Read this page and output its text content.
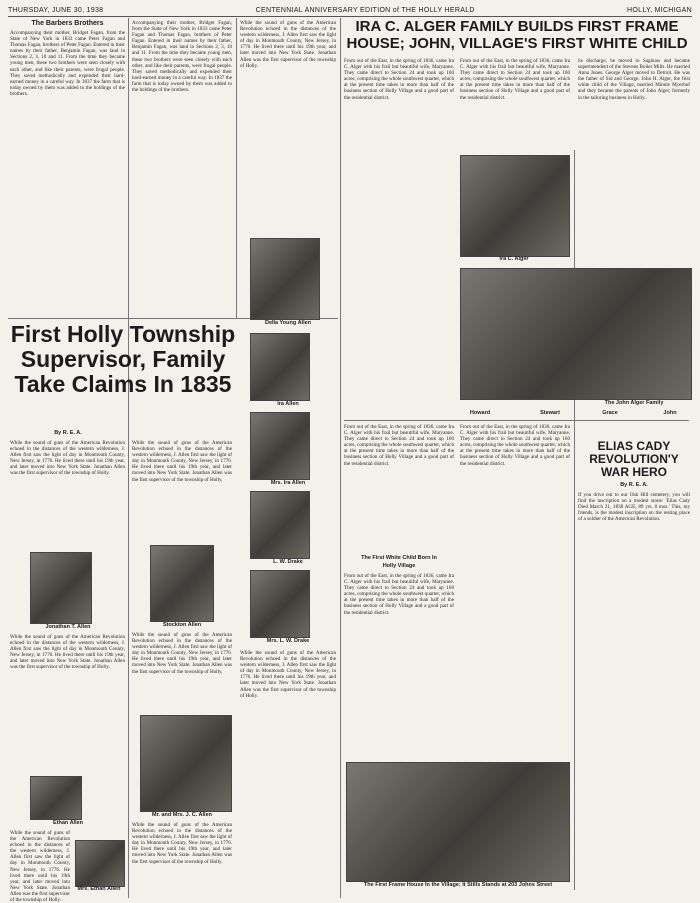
THURSDAY, JUNE 30, 1938	CENTENNIAL ANNIVERSARY EDITION of THE HOLLY HERALD	HOLLY, MICHIGAN
The Barbers Brothers
Accompanying their mother, Bridget Fagan, from the State of New York in 1833 came Peter Fagan and Thomas Fagan, brothers of Peter Fagan. Entered in their names by their father, Benjamin Fagan, was land in Sections 2, 3, 10 and 11. From the time they became young men, these two brothers were seen closely with each other, and like their parents, were frugal people. They saved methodically and expended their hard-earned money in a careful way. In 1837 the farm that is today owned by them was added to the holdings of the brothers.
Accompanying their mother, Bridget Fagan, from the State of New York in 1833 came Peter Fagan and Thomas Fagan, brothers of Peter Fagan. Entered in their names by their father, Benjamin Fagan, was land in Sections 2, 3, 10 and 11. From the time they became young men, these two brothers were seen closely with each other, and like their parents, were frugal people. They saved methodically and expended their hard-earned money in a careful way. In 1837 the farm that is today owned by them was added to the holdings of the brothers.
While the sound of guns of the American Revolution echoed in the distances of the western wilderness, J. Allen first saw the light of day in Monmouth County, New Jersey, in 1776. He lived there until his 19th year, and later moved into New York State. Jonathan Allen was the first supervisor of the township of Holly.
Della Young Allen
Ira Allen
Mrs. Ira Allen
L. W. Drake
Mrs. L. W. Drake
While the sound of guns of the American Revolution echoed in the distances of the western wilderness, J. Allen first saw the light of day in Monmouth County, New Jersey, in 1776. He lived there until his 19th year, and later moved into New York State. Jonathan Allen was the first supervisor of the township of Holly.
First Holly Township Supervisor, Family Take Claims In 1835
By R. E. A.
While the sound of guns of the American Revolution echoed in the distances of the western wilderness, J. Allen first saw the light of day in Monmouth County, New Jersey, in 1776. He lived there until his 19th year, and later moved into New York State. Jonathan Allen was the first supervisor of the township of Holly.
Jonathan T. Allen
While the sound of guns of the American Revolution echoed in the distances of the western wilderness, J. Allen first saw the light of day in Monmouth County, New Jersey, in 1776. He lived there until his 19th year, and later moved into New York State. Jonathan Allen was the first supervisor of the township of Holly.
Ethan Allen
While the sound of guns of the American Revolution echoed in the distances of the western wilderness, J. Allen first saw the light of day in Monmouth County, New Jersey, in 1776. He lived there until his 19th year, and later moved into New York State. Jonathan Allen was the first supervisor of the township of Holly.
Mrs. Ethan Allen
While the sound of guns of the American Revolution echoed in the distances of the western wilderness, J. Allen first saw the light of day in Monmouth County, New Jersey, in 1776. He lived there until his 19th year, and later moved into New York State. Jonathan Allen was the first supervisor of the township of Holly.
Stockton Allen
While the sound of guns of the American Revolution echoed in the distances of the western wilderness, J. Allen first saw the light of day in Monmouth County, New Jersey, in 1776. He lived there until his 19th year, and later moved into New York State. Jonathan Allen was the first supervisor of the township of Holly.
Mr. and Mrs. J. C. Allen
While the sound of guns of the American Revolution echoed in the distances of the western wilderness, J. Allen first saw the light of day in Monmouth County, New Jersey, in 1776. He lived there until his 19th year, and later moved into New York State. Jonathan Allen was the first supervisor of the township of Holly.
IRA C. ALGER FAMILY BUILDS FIRST FRAME HOUSE; JOHN, VILLAGE'S FIRST WHITE CHILD
From out of the East, in the spring of 1836, came Ira C. Alger with his frail but beautiful wife, Maryanne. They came direct to Section 24 and took up 160 acres, comprising the whole southwest quarter, which at the present time takes in more than half of the business section of Holly Village and a good part of the residential district.
From out of the East, in the spring of 1836, came Ira C. Alger with his frail but beautiful wife, Maryanne. They came direct to Section 24 and took up 160 acres, comprising the whole southwest quarter, which at the present time takes in more than half of the business section of Holly Village and a good part of the residential district.
Ira C. Alger
its discharge, he moved to Saginaw and became superintendent of the Stevens Boiler Mills. He married Anna Jones. George Alger moved to Detroit. He was the father of Sid and George. John H. Alger, the first white child of the Village, married Minnie Myerhof and they became the parents of John Alger, formerly in the tailoring business in Holly.
The John Alger Family
Howard	Stewart	Grace	John
From out of the East, in the spring of 1836, came Ira C. Alger with his frail but beautiful wife, Maryanne. They came direct to Section 24 and took up 160 acres, comprising the whole southwest quarter, which at the present time takes in more than half of the business section of Holly Village and a good part of the residential district.
The First White Child Born In
Holly Village
From out of the East, in the spring of 1836, came Ira C. Alger with his frail but beautiful wife, Maryanne. They came direct to Section 24 and took up 160 acres, comprising the whole southwest quarter, which at the present time takes in more than half of the business section of Holly Village and a good part of the residential district.
From out of the East, in the spring of 1836, came Ira C. Alger with his frail but beautiful wife, Maryanne. They came direct to Section 24 and took up 160 acres, comprising the whole southwest quarter, which at the present time takes in more than half of the business section of Holly Village and a good part of the residential district.
The First Frame House In the Village; It Stills Stands at 203 Johns Street
ELIAS CADY REVOLUTION'Y WAR HERO
By R. E. A.
If you drive out to our Oak Hill cemetery, you will find the inscription on a modest stone: 'Elias Cady Died March 21, 1838 AGE, 89 yrs. 8 mos.' This, my friends, is the modest inscription on the resting place of a soldier of the American Revolution.
